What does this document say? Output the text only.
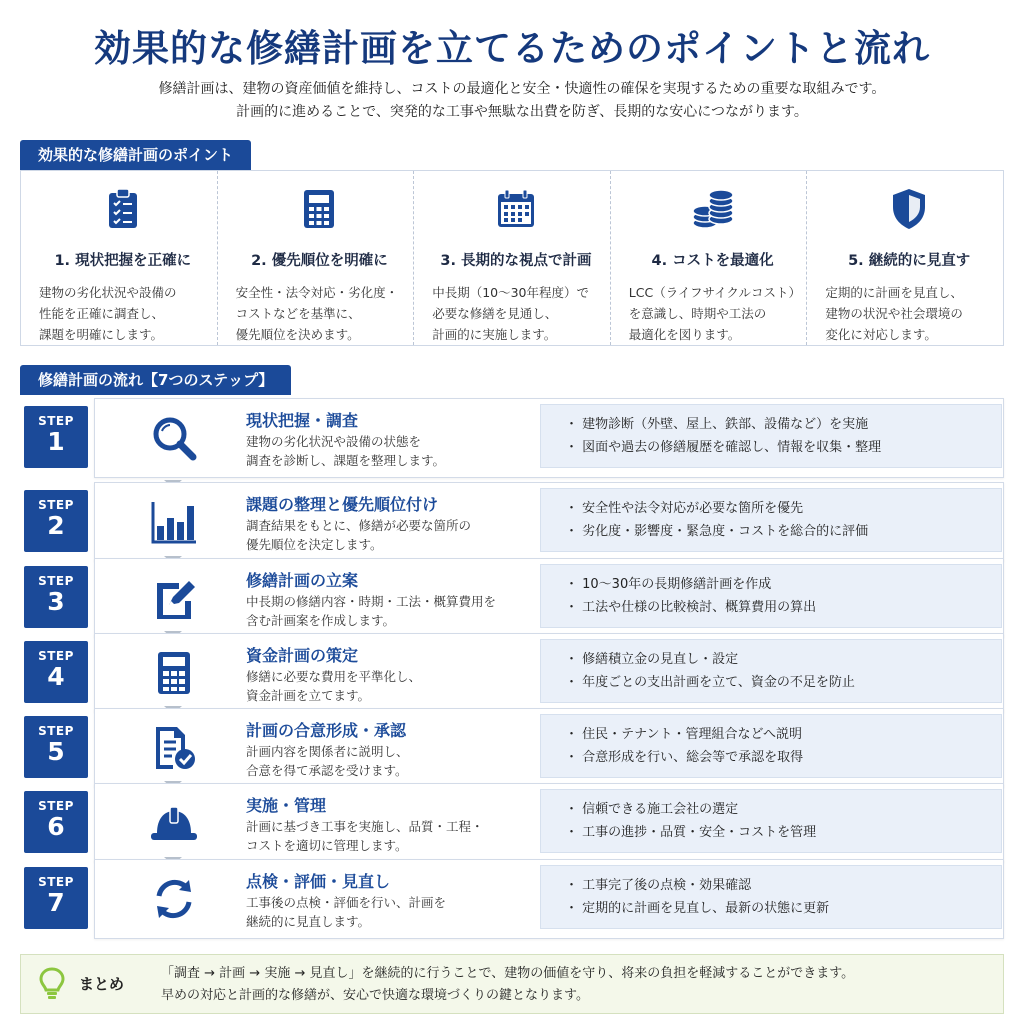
効果的な修繕計画を立てるためのポイントと流れ
修繕計画は、建物の資産価値を維持し、コストの最適化と安全・快適性の確保を実現するための重要な取組みです。
計画的に進めることで、突発的な工事や無駄な出費を防ぎ、長期的な安心につながります。
効果的な修繕計画のポイント
1. 現状把握を正確に
建物の劣化状況や設備の
性能を正確に調査し、
課題を明確にします。
2. 優先順位を明確に
安全性・法令対応・劣化度・
コストなどを基準に、
優先順位を決めます。
3. 長期的な視点で計画
中長期（10〜30年程度）で
必要な修繕を見通し、
計画的に実施します。
4. コストを最適化
LCC（ライフサイクルコスト）
を意識し、時期や工法の
最適化を図ります。
5. 継続的に見直す
定期的に計画を見直し、
建物の状況や社会環境の
変化に対応します。
修繕計画の流れ【7つのステップ】
STEP
1
現状把握・調査
建物の劣化状況や設備の状態を
調査を診断し、課題を整理します。
・ 建物診断（外壁、屋上、鉄部、設備など）を実施
・ 図面や過去の修繕履歴を確認し、情報を収集・整理
STEP
2
課題の整理と優先順位付け
調査結果をもとに、修繕が必要な箇所の
優先順位を決定します。
・ 安全性や法令対応が必要な箇所を優先
・ 劣化度・影響度・緊急度・コストを総合的に評価
STEP
3
修繕計画の立案
中長期の修繕内容・時期・工法・概算費用を
含む計画案を作成します。
・ 10〜30年の長期修繕計画を作成
・ 工法や仕様の比較検討、概算費用の算出
STEP
4
資金計画の策定
修繕に必要な費用を平準化し、
資金計画を立てます。
・ 修繕積立金の見直し・設定
・ 年度ごとの支出計画を立て、資金の不足を防止
STEP
5
計画の合意形成・承認
計画内容を関係者に説明し、
合意を得て承認を受けます。
・ 住民・テナント・管理組合などへ説明
・ 合意形成を行い、総会等で承認を取得
STEP
6
実施・管理
計画に基づき工事を実施し、品質・工程・
コストを適切に管理します。
・ 信頼できる施工会社の選定
・ 工事の進捗・品質・安全・コストを管理
STEP
7
点検・評価・見直し
工事後の点検・評価を行い、計画を
継続的に見直します。
・ 工事完了後の点検・効果確認
・ 定期的に計画を見直し、最新の状態に更新
まとめ
「調査 → 計画 → 実施 → 見直し」を継続的に行うことで、建物の価値を守り、将来の負担を軽減することができます。
早めの対応と計画的な修繕が、安心で快適な環境づくりの鍵となります。
